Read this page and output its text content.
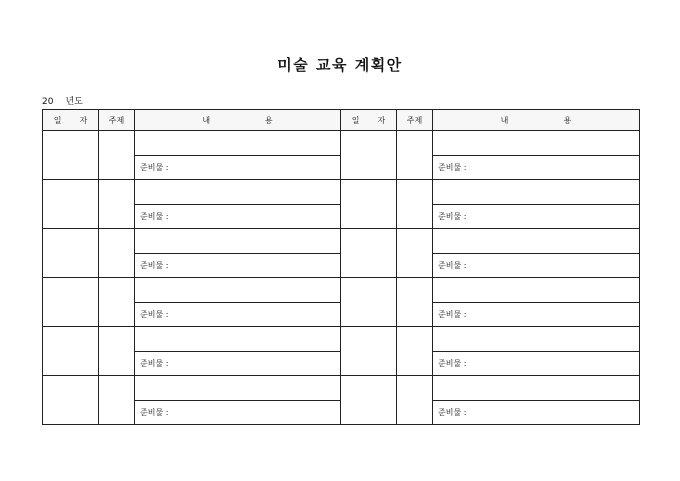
미술 교육 계획안
20 년도
일 자	주제	내 용	일 자	주제	내 용

		준비물 :			준비물 :

		준비물 :			준비물 :

		준비물 :			준비물 :

		준비물 :			준비물 :

		준비물 :			준비물 :

		준비물 :			준비물 :
